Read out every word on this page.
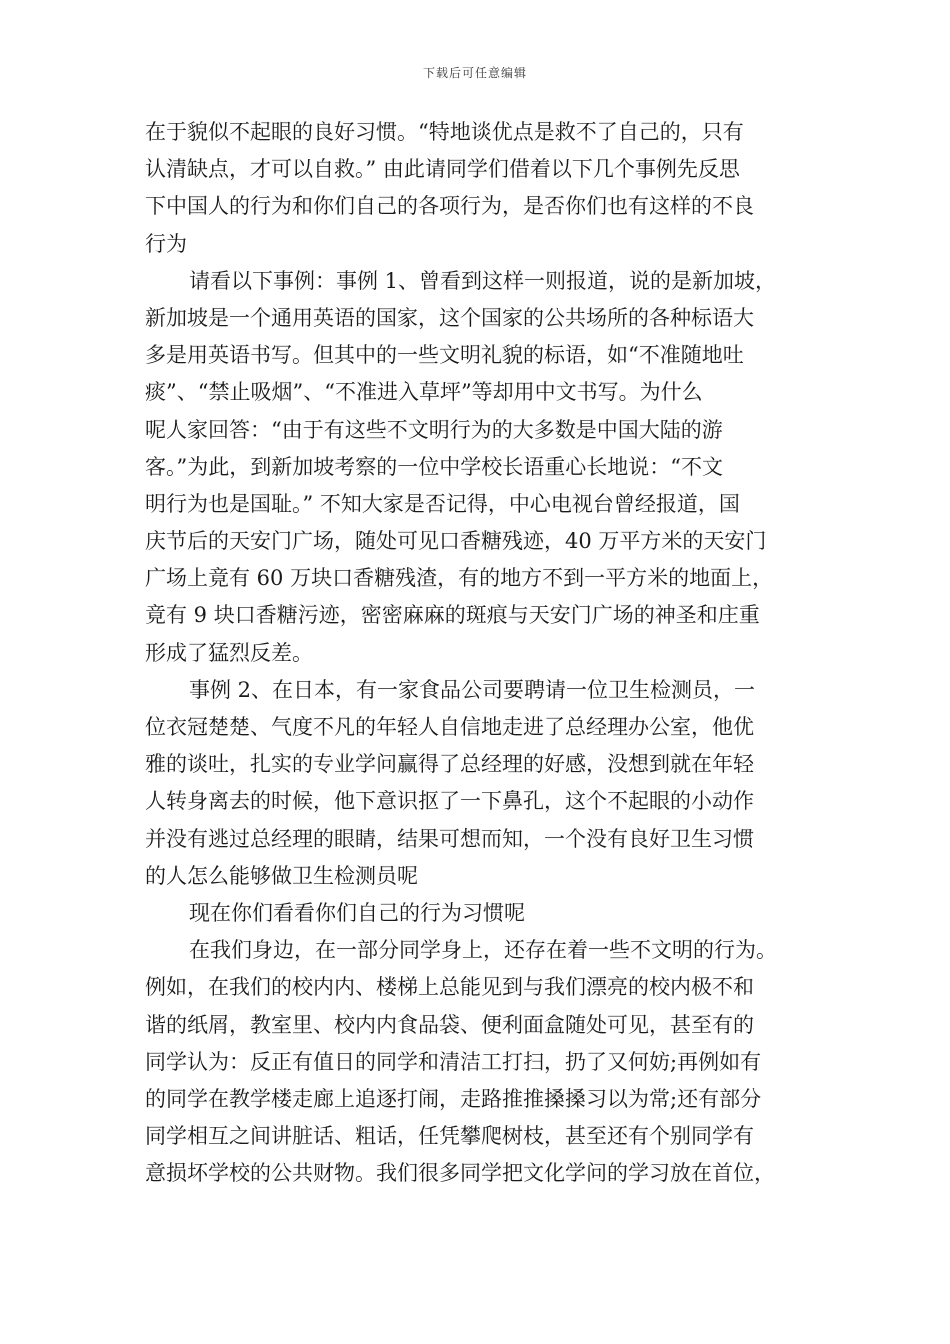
下载后可任意编辑
在于貌似不起眼的良好习惯。“特地谈优点是救不了自己的，只有
认清缺点，才可以自救。” 由此请同学们借着以下几个事例先反思
下中国人的行为和你们自己的各项行为，是否你们也有这样的不良
行为
请看以下事例：事例 1、曾看到这样一则报道，说的是新加坡，
新加坡是一个通用英语的国家，这个国家的公共场所的各种标语大
多是用英语书写。但其中的一些文明礼貌的标语，如“不准随地吐
痰”、“禁止吸烟”、“不准进入草坪”等却用中文书写。为什么
呢人家回答：“由于有这些不文明行为的大多数是中国大陆的游
客。”为此，到新加坡考察的一位中学校长语重心长地说：“不文
明行为也是国耻。” 不知大家是否记得，中心电视台曾经报道，国
庆节后的天安门广场，随处可见口香糖残迹，40 万平方米的天安门
广场上竟有 60 万块口香糖残渣，有的地方不到一平方米的地面上，
竟有 9 块口香糖污迹，密密麻麻的斑痕与天安门广场的神圣和庄重
形成了猛烈反差。
事例 2、在日本，有一家食品公司要聘请一位卫生检测员，一
位衣冠楚楚、气度不凡的年轻人自信地走进了总经理办公室，他优
雅的谈吐，扎实的专业学问赢得了总经理的好感，没想到就在年轻
人转身离去的时候，他下意识抠了一下鼻孔，这个不起眼的小动作
并没有逃过总经理的眼睛，结果可想而知，一个没有良好卫生习惯
的人怎么能够做卫生检测员呢
现在你们看看你们自己的行为习惯呢
在我们身边，在一部分同学身上，还存在着一些不文明的行为。
例如，在我们的校内内、楼梯上总能见到与我们漂亮的校内极不和
谐的纸屑，教室里、校内内食品袋、便利面盒随处可见，甚至有的
同学认为：反正有值日的同学和清洁工打扫，扔了又何妨;再例如有
的同学在教学楼走廊上追逐打闹，走路推推搡搡习以为常;还有部分
同学相互之间讲脏话、粗话，任凭攀爬树枝，甚至还有个别同学有
意损坏学校的公共财物。我们很多同学把文化学问的学习放在首位，
